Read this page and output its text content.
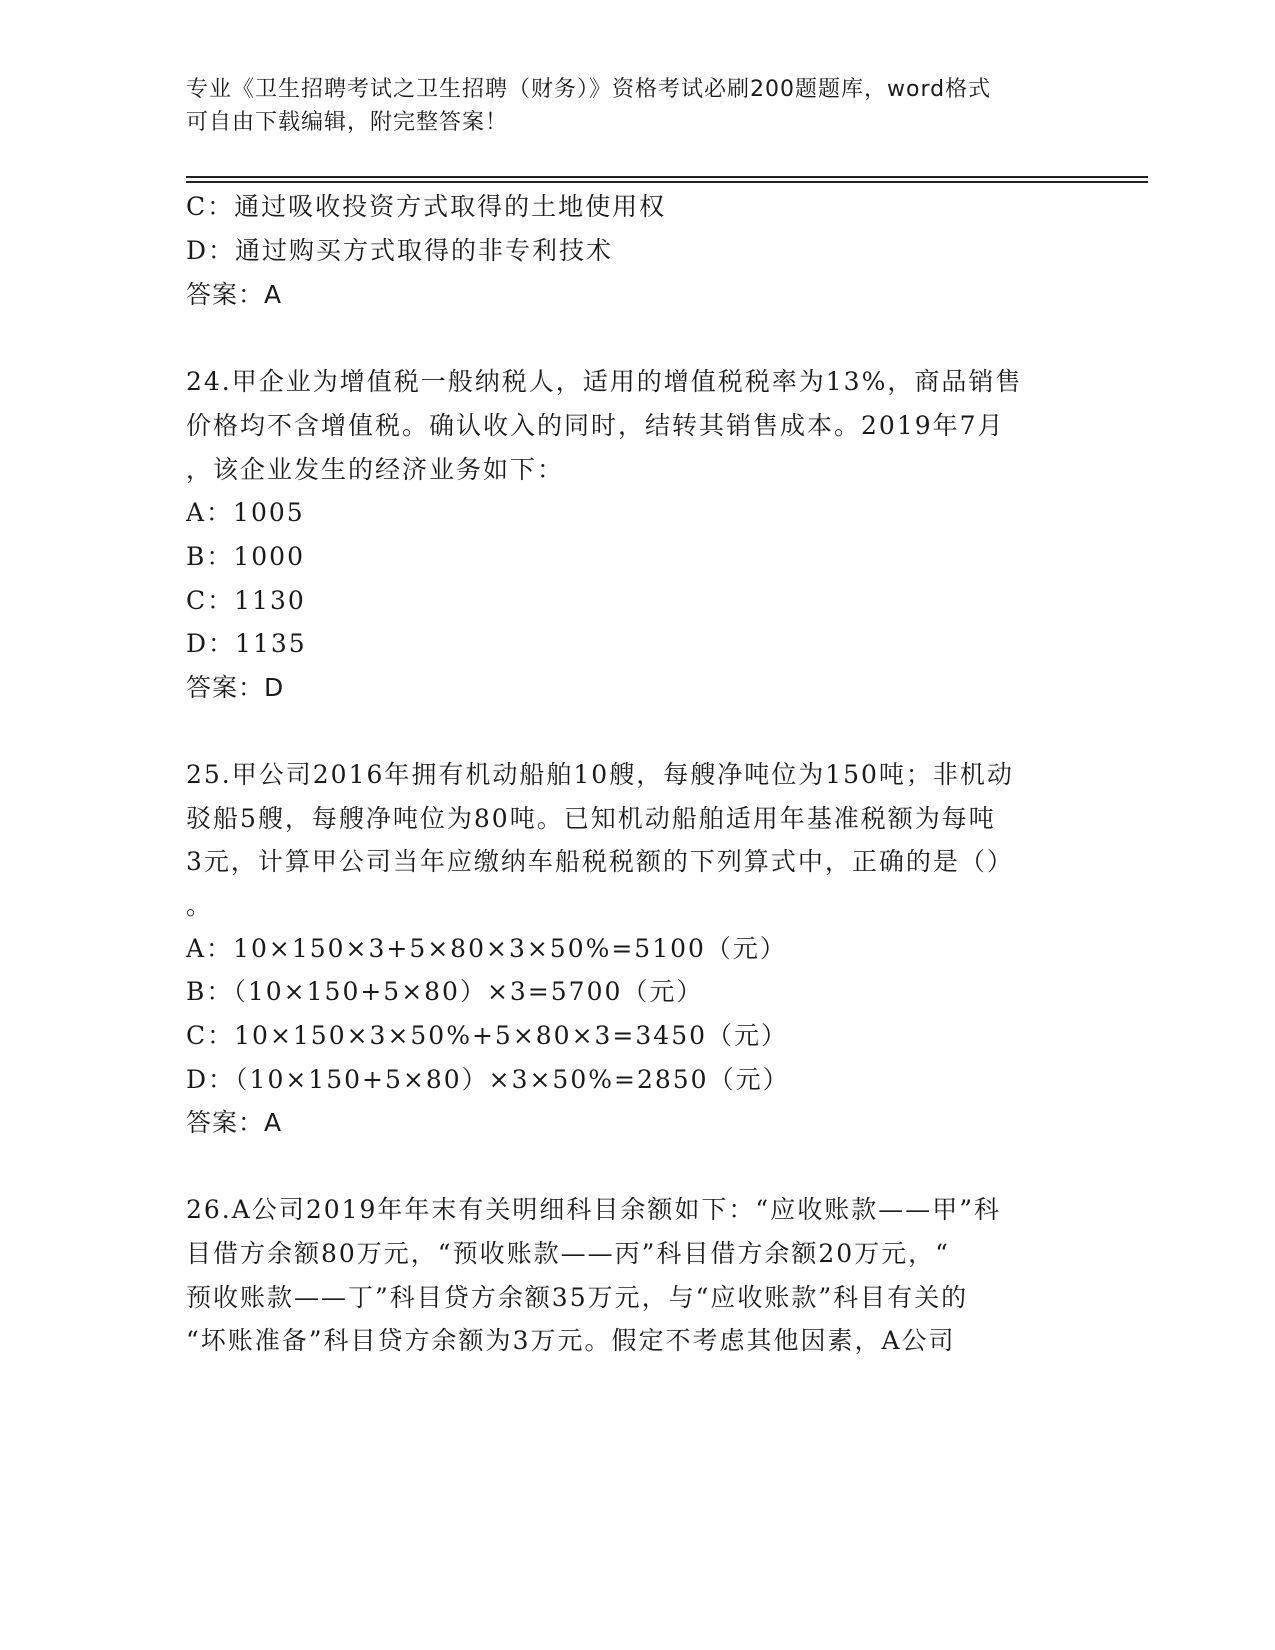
专业《卫生招聘考试之卫生招聘（财务）》资格考试必刷200题题库，word格式
可自由下载编辑，附完整答案！
C：通过吸收投资方式取得的土地使用权
D：通过购买方式取得的非专利技术
答案：A
24.甲企业为增值税一般纳税人，适用的增值税税率为13%，商品销售
价格均不含增值税。确认收入的同时，结转其销售成本。2019年7月
，该企业发生的经济业务如下：
A：1005
B：1000
C：1130
D：1135
答案：D
25.甲公司2016年拥有机动船舶10艘，每艘净吨位为150吨；非机动
驳船5艘，每艘净吨位为80吨。已知机动船舶适用年基准税额为每吨
3元，计算甲公司当年应缴纳车船税税额的下列算式中，正确的是（）
。
A：10×150×3+5×80×3×50%=5100（元）
B：（10×150+5×80）×3=5700（元）
C：10×150×3×50%+5×80×3=3450（元）
D：（10×150+5×80）×3×50%=2850（元）
答案：A
26.A公司2019年年末有关明细科目余额如下：“应收账款——甲”科
目借方余额80万元，“预收账款——丙”科目借方余额20万元，“
预收账款——丁”科目贷方余额35万元，与“应收账款”科目有关的
“坏账准备”科目贷方余额为3万元。假定不考虑其他因素，A公司
